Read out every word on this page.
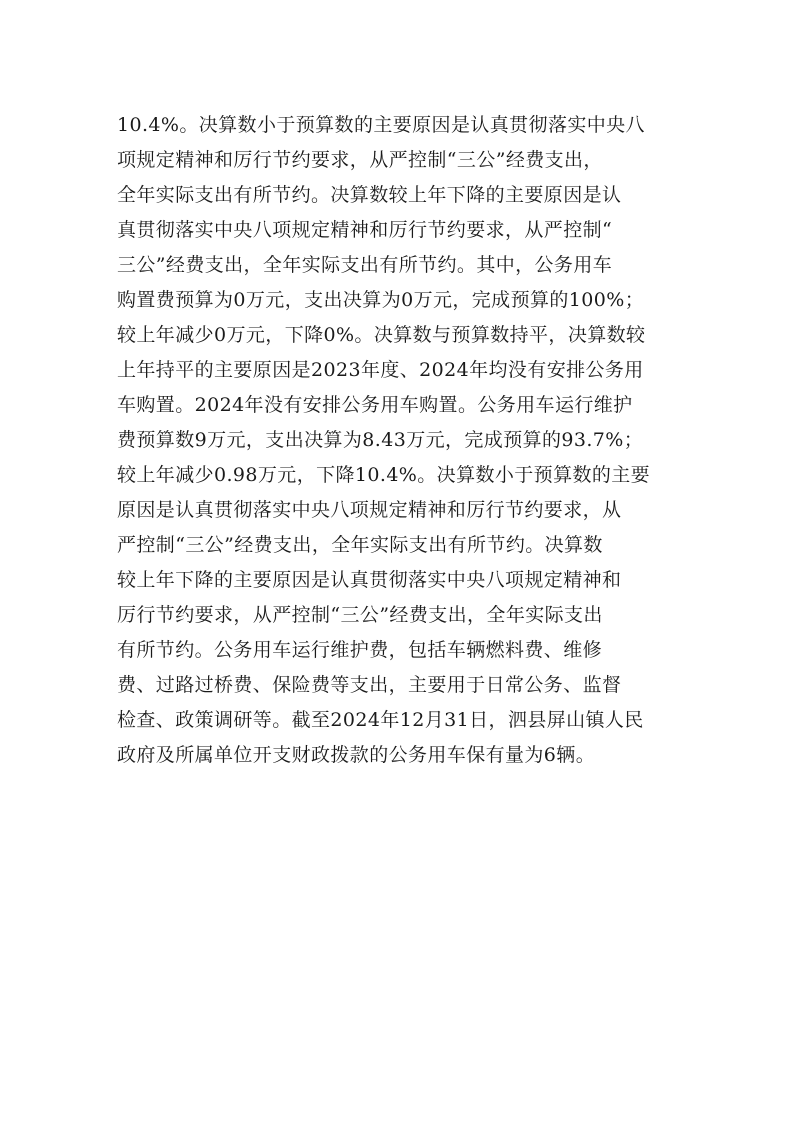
10.4%。决算数小于预算数的主要原因是认真贯彻落实中央八
项规定精神和厉行节约要求，从严控制“三公”经费支出，
全年实际支出有所节约。决算数较上年下降的主要原因是认
真贯彻落实中央八项规定精神和厉行节约要求，从严控制“
三公”经费支出，全年实际支出有所节约。其中，公务用车
购置费预算为0万元，支出决算为0万元，完成预算的100%；
较上年减少0万元，下降0%。决算数与预算数持平，决算数较
上年持平的主要原因是2023年度、2024年均没有安排公务用
车购置。2024年没有安排公务用车购置。公务用车运行维护
费预算数9万元，支出决算为8.43万元，完成预算的93.7%；
较上年减少0.98万元，下降10.4%。决算数小于预算数的主要
原因是认真贯彻落实中央八项规定精神和厉行节约要求，从
严控制“三公”经费支出，全年实际支出有所节约。决算数
较上年下降的主要原因是认真贯彻落实中央八项规定精神和
厉行节约要求，从严控制“三公”经费支出，全年实际支出
有所节约。公务用车运行维护费，包括车辆燃料费、维修
费、过路过桥费、保险费等支出，主要用于日常公务、监督
检查、政策调研等。截至2024年12月31日，泗县屏山镇人民
政府及所属单位开支财政拨款的公务用车保有量为6辆。
